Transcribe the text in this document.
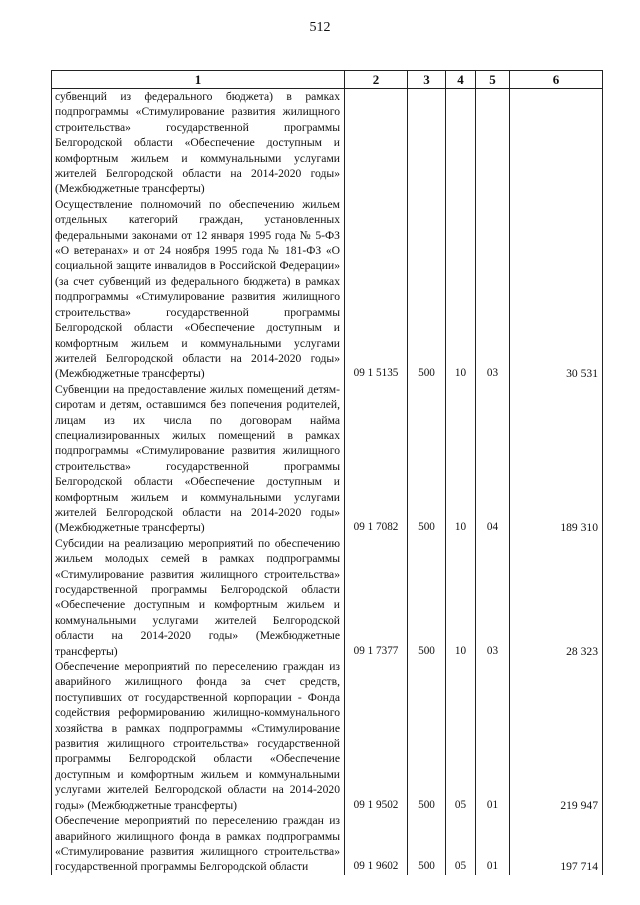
512
1	2	3	4	5	6
субвенций из федерального бюджета) в рамках подпрограммы «Стимулирование развития жилищного строительства» государственной программы Белгородской области «Обеспечение доступным и комфортным жильем и коммунальными услугами жителей Белгородской области на 2014-2020 годы» (Межбюджетные трансферты)					
Осуществление полномочий по обеспечению жильем отдельных категорий граждан, установленных федеральными законами от 12 января 1995 года № 5-ФЗ «О ветеранах» и от 24 ноября 1995 года № 181-ФЗ «О социальной защите инвалидов в Российской Федерации» (за счет субвенций из федерального бюджета) в рамках подпрограммы «Стимулирование развития жилищного строительства» государственной программы Белгородской области «Обеспечение доступным и комфортным жильем и коммунальными услугами жителей Белгородской области на 2014-2020 годы» (Межбюджетные трансферты)	09 1 5135	500	10	03	30 531
Субвенции на предоставление жилых помещений детям-сиротам и детям, оставшимся без попечения родителей, лицам из их числа по договорам найма специализированных жилых помещений в рамках подпрограммы «Стимулирование развития жилищного строительства» государственной программы Белгородской области «Обеспечение доступным и комфортным жильем и коммунальными услугами жителей Белгородской области на 2014-2020 годы» (Межбюджетные трансферты)	09 1 7082	500	10	04	189 310
Субсидии на реализацию мероприятий по обеспечению жильем молодых семей в рамках подпрограммы «Стимулирование развития жилищного строительства» государственной программы Белгородской области «Обеспечение доступным и комфортным жильем и коммунальными услугами жителей Белгородской области на 2014-2020 годы» (Межбюджетные трансферты)	09 1 7377	500	10	03	28 323
Обеспечение мероприятий по переселению граждан из аварийного жилищного фонда за счет средств, поступивших от государственной корпорации - Фонда содействия реформированию жилищно-коммунального хозяйства в рамках подпрограммы «Стимулирование развития жилищного строительства» государственной программы Белгородской области «Обеспечение доступным и комфортным жильем и коммунальными услугами жителей Белгородской области на 2014-2020 годы» (Межбюджетные трансферты)	09 1 9502	500	05	01	219 947
Обеспечение мероприятий по переселению граждан из аварийного жилищного фонда в рамках подпрограммы «Стимулирование развития жилищного строительства» государственной программы Белгородской области	09 1 9602	500	05	01	197 714
